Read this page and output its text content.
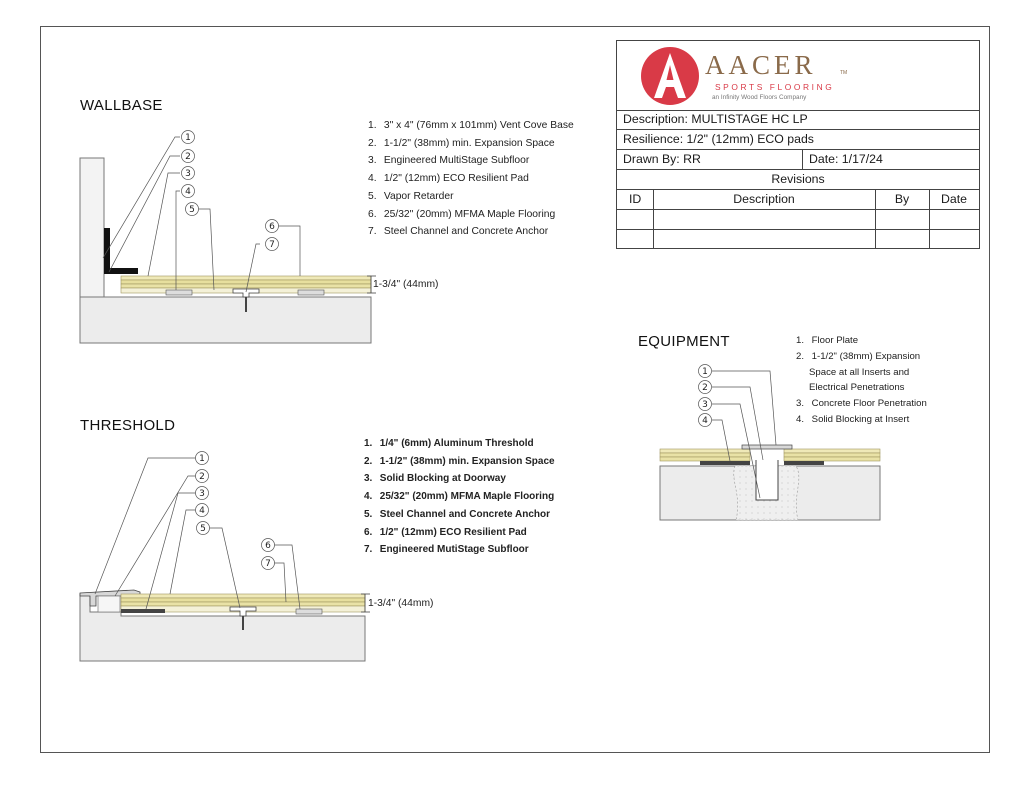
AACER	TM
SPORTS FLOORING
an Infinity Wood Floors Company
Description: MULTISTAGE HC LP
Resilience: 1/2" (12mm) ECO pads
Drawn By: RR	Date: 1/17/24
Revisions
ID	Description	By	Date
WALLBASE
THRESHOLD
EQUIPMENT
1. 3" x 4" (76mm x 101mm) Vent Cove Base
2. 1-1/2" (38mm) min. Expansion Space
3. Engineered MultiStage Subfloor
4. 1/2" (12mm) ECO Resilient Pad
5. Vapor Retarder
6. 25/32" (20mm) MFMA Maple Flooring
7. Steel Channel and Concrete Anchor
1. 1/4" (6mm) Aluminum Threshold
2. 1-1/2" (38mm) min. Expansion Space
3. Solid Blocking at Doorway
4. 25/32" (20mm) MFMA Maple Flooring
5. Steel Channel and Concrete Anchor
6. 1/2" (12mm) ECO Resilient Pad
7. Engineered MutiStage Subfloor
1. Floor Plate
2. 1-1/2" (38mm) Expansion
Space at all Inserts and
Electrical Penetrations
3. Concrete Floor Penetration
4. Solid Blocking at Insert
1-3/4" (44mm)
1-3/4" (44mm)
1
2
3
4
5
6
7
1
2
3
4
5
6
7
1
2
3
4
